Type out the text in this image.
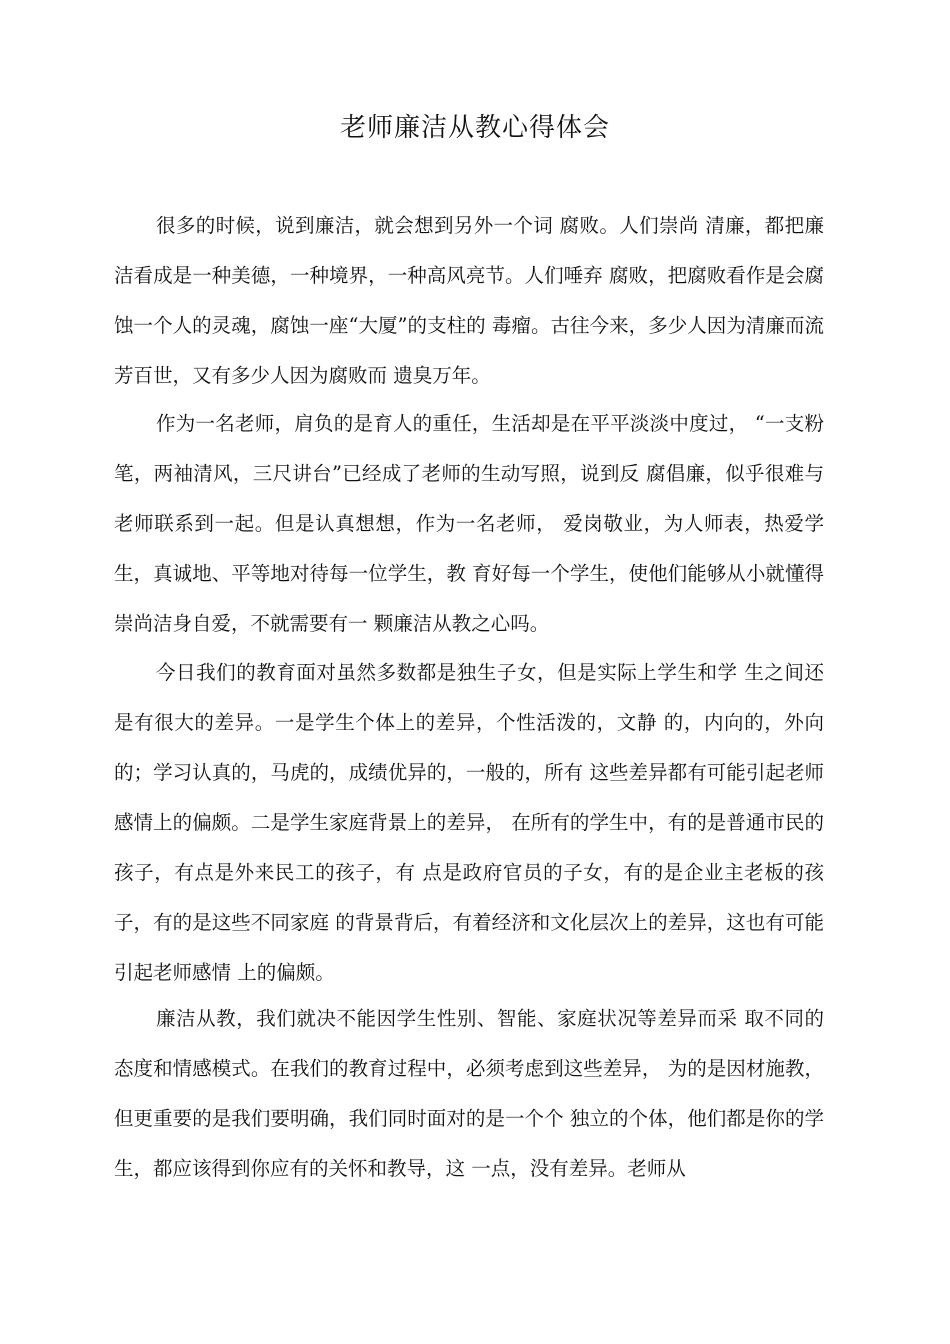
老师廉洁从教心得体会

很多的时候，说到廉洁，就会想到另外一个词 腐败。人们崇尚 清廉，都把廉洁看成是一种美德，一种境界，一种高风亮节。人们唾弃 腐败，把腐败看作是会腐蚀一个人的灵魂，腐蚀一座“大厦”的支柱的 毒瘤。古往今来，多少人因为清廉而流芳百世，又有多少人因为腐败而 遗臭万年。

作为一名老师，肩负的是育人的重任，生活却是在平平淡淡中度过， “一支粉笔，两袖清风，三尺讲台”已经成了老师的生动写照，说到反 腐倡廉，似乎很难与老师联系到一起。但是认真想想，作为一名老师， 爱岗敬业，为人师表，热爱学生，真诚地、平等地对待每一位学生，教 育好每一个学生，使他们能够从小就懂得崇尚洁身自爱，不就需要有一 颗廉洁从教之心吗。

今日我们的教育面对虽然多数都是独生子女，但是实际上学生和学 生之间还是有很大的差异。一是学生个体上的差异，个性活泼的，文静 的，内向的，外向的；学习认真的，马虎的，成绩优异的，一般的，所有 这些差异都有可能引起老师感情上的偏颇。二是学生家庭背景上的差异， 在所有的学生中，有的是普通市民的孩子，有点是外来民工的孩子，有 点是政府官员的子女，有的是企业主老板的孩子，有的是这些不同家庭 的背景背后，有着经济和文化层次上的差异，这也有可能引起老师感情 上的偏颇。

廉洁从教，我们就决不能因学生性别、智能、家庭状况等差异而采 取不同的态度和情感模式。在我们的教育过程中，必须考虑到这些差异， 为的是因材施教，但更重要的是我们要明确，我们同时面对的是一个个 独立的个体，他们都是你的学生，都应该得到你应有的关怀和教导，这 一点，没有差异。老师从
